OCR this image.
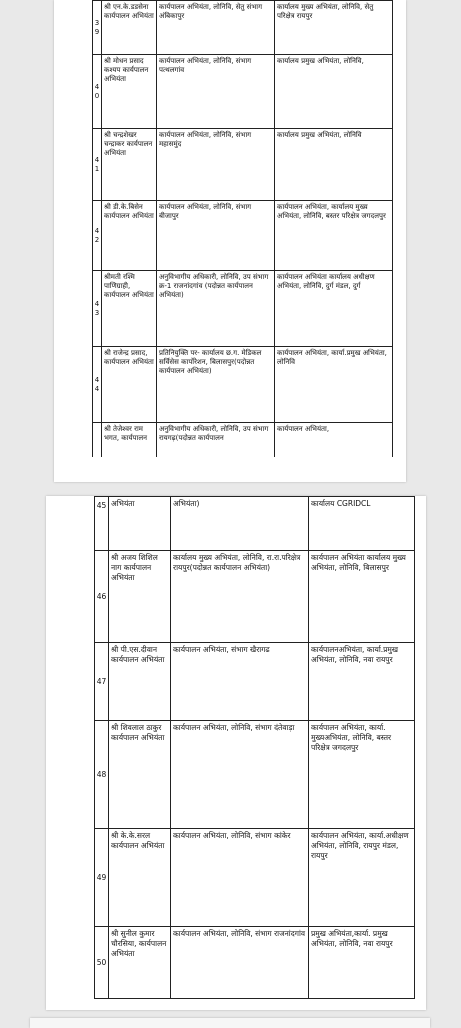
39	श्री एन.के.डडसेना कार्यपालन अभियंता	कार्यपालन अभियंता, लोनिवि, सेतु संभाग अंबिकापुर	कार्यालय मुख्य अभियंता, लोनिवि, सेतु परिक्षेत्र रायपुर
40	श्री मोधन प्रसाद कश्यप कार्यपालन अभियंता	कार्यपालन अभियंता, लोनिवि, संभाग पत्थलगांव	कार्यालय प्रमुख अभियंता, लोनिवि,
41	श्री चन्द्रशेखर चन्द्राकर कार्यपालन अभियंता	कार्यपालन अभियंता, लोनिवि, संभाग महासमुंद	कार्यालय प्रमुख अभियंता, लोनिवि
42	श्री डी.के.बिसेन कार्यपालन अभियंता	कार्यपालन अभियंता, लोनिवि, संभाग बीजापुर	कार्यपालन अभियंता, कार्यालय मुख्य अभियंता, लोनिवि, बस्तर परिक्षेत्र जगदलपुर
43	श्रीमती रश्मि पाणिग्राही, कार्यपालन अभियंता	अनुविभागीय अधिकारी, लोनिवि, उप संभाग क्र-1 राजनांदगांव (पदोन्नत कार्यपालन अभियंता)	कार्यपालन अभियंता कार्यालय अधीक्षण अभियंता, लोनिवि, दुर्ग मंडल, दुर्ग
44	श्री राजेन्द्र प्रसाद, कार्यपालन अभियंता	प्रतिनियुक्ति पर- कार्यालय छ.ग. मेडिकल सर्विसेस कार्पोरेशन, बिलासपुर(पदोन्नत कार्यपालन अभियंता)	कार्यपालन अभियंता, कार्या.प्रमुख अभियंता, लोनिवि
	श्री तेजेश्वर राम भगत, कार्यपालन	अनुविभागीय अधिकारी, लोनिवि, उप संभाग रायगढ़(पदोन्नत कार्यपालन	कार्यपालन अभियंता,
45	अभियंता	अभियंता)	कार्यालय CGRIDCL
46	श्री अजय शिशिल नाग कार्यपालन अभियंता	कार्यालय मुख्य अभियंता, लोनिवि, रा.रा.परिक्षेत्र रायपुर(पदोन्नत कार्यपालन अभियंता)	कार्यपालन अभियंता कार्यालय मुख्य अभियंता, लोनिवि, बिलासपुर
47	श्री पी.एस.दीवान कार्यपालन अभियंता	कार्यपालन अभियंता, संभाग खैरागढ	कार्यपालनअभियंता, कार्या.प्रमुख अभियंता, लोनिवि, नवा रायपुर
48	श्री शिवलाल ठाकुर कार्यपालन अभियंता	कार्यपालन अभियंता, लोनिवि, संभाग दंतेवाड़ा	कार्यपालन अभियंता, कार्या. मुख्यअभियंता, लोनिवि, बस्तर परिक्षेत्र जगदलपुर
49	श्री के.के.सरल कार्यपालन अभियंता	कार्यपालन अभियंता, लोनिवि, संभाग कांकेर	कार्यपालन अभियंता, कार्या.अधीक्षण अभियंता, लोनिवि, रायपुर मंडल, रायपुर
50	श्री सुनील कुमार चौरसिया, कार्यपालन अभियंता	कार्यपालन अभियंता, लोनिवि, संभाग राजनांदगांव	प्रमुख अभियंता,कार्या. प्रमुख अभियंता, लोनिवि, नवा रायपुर
